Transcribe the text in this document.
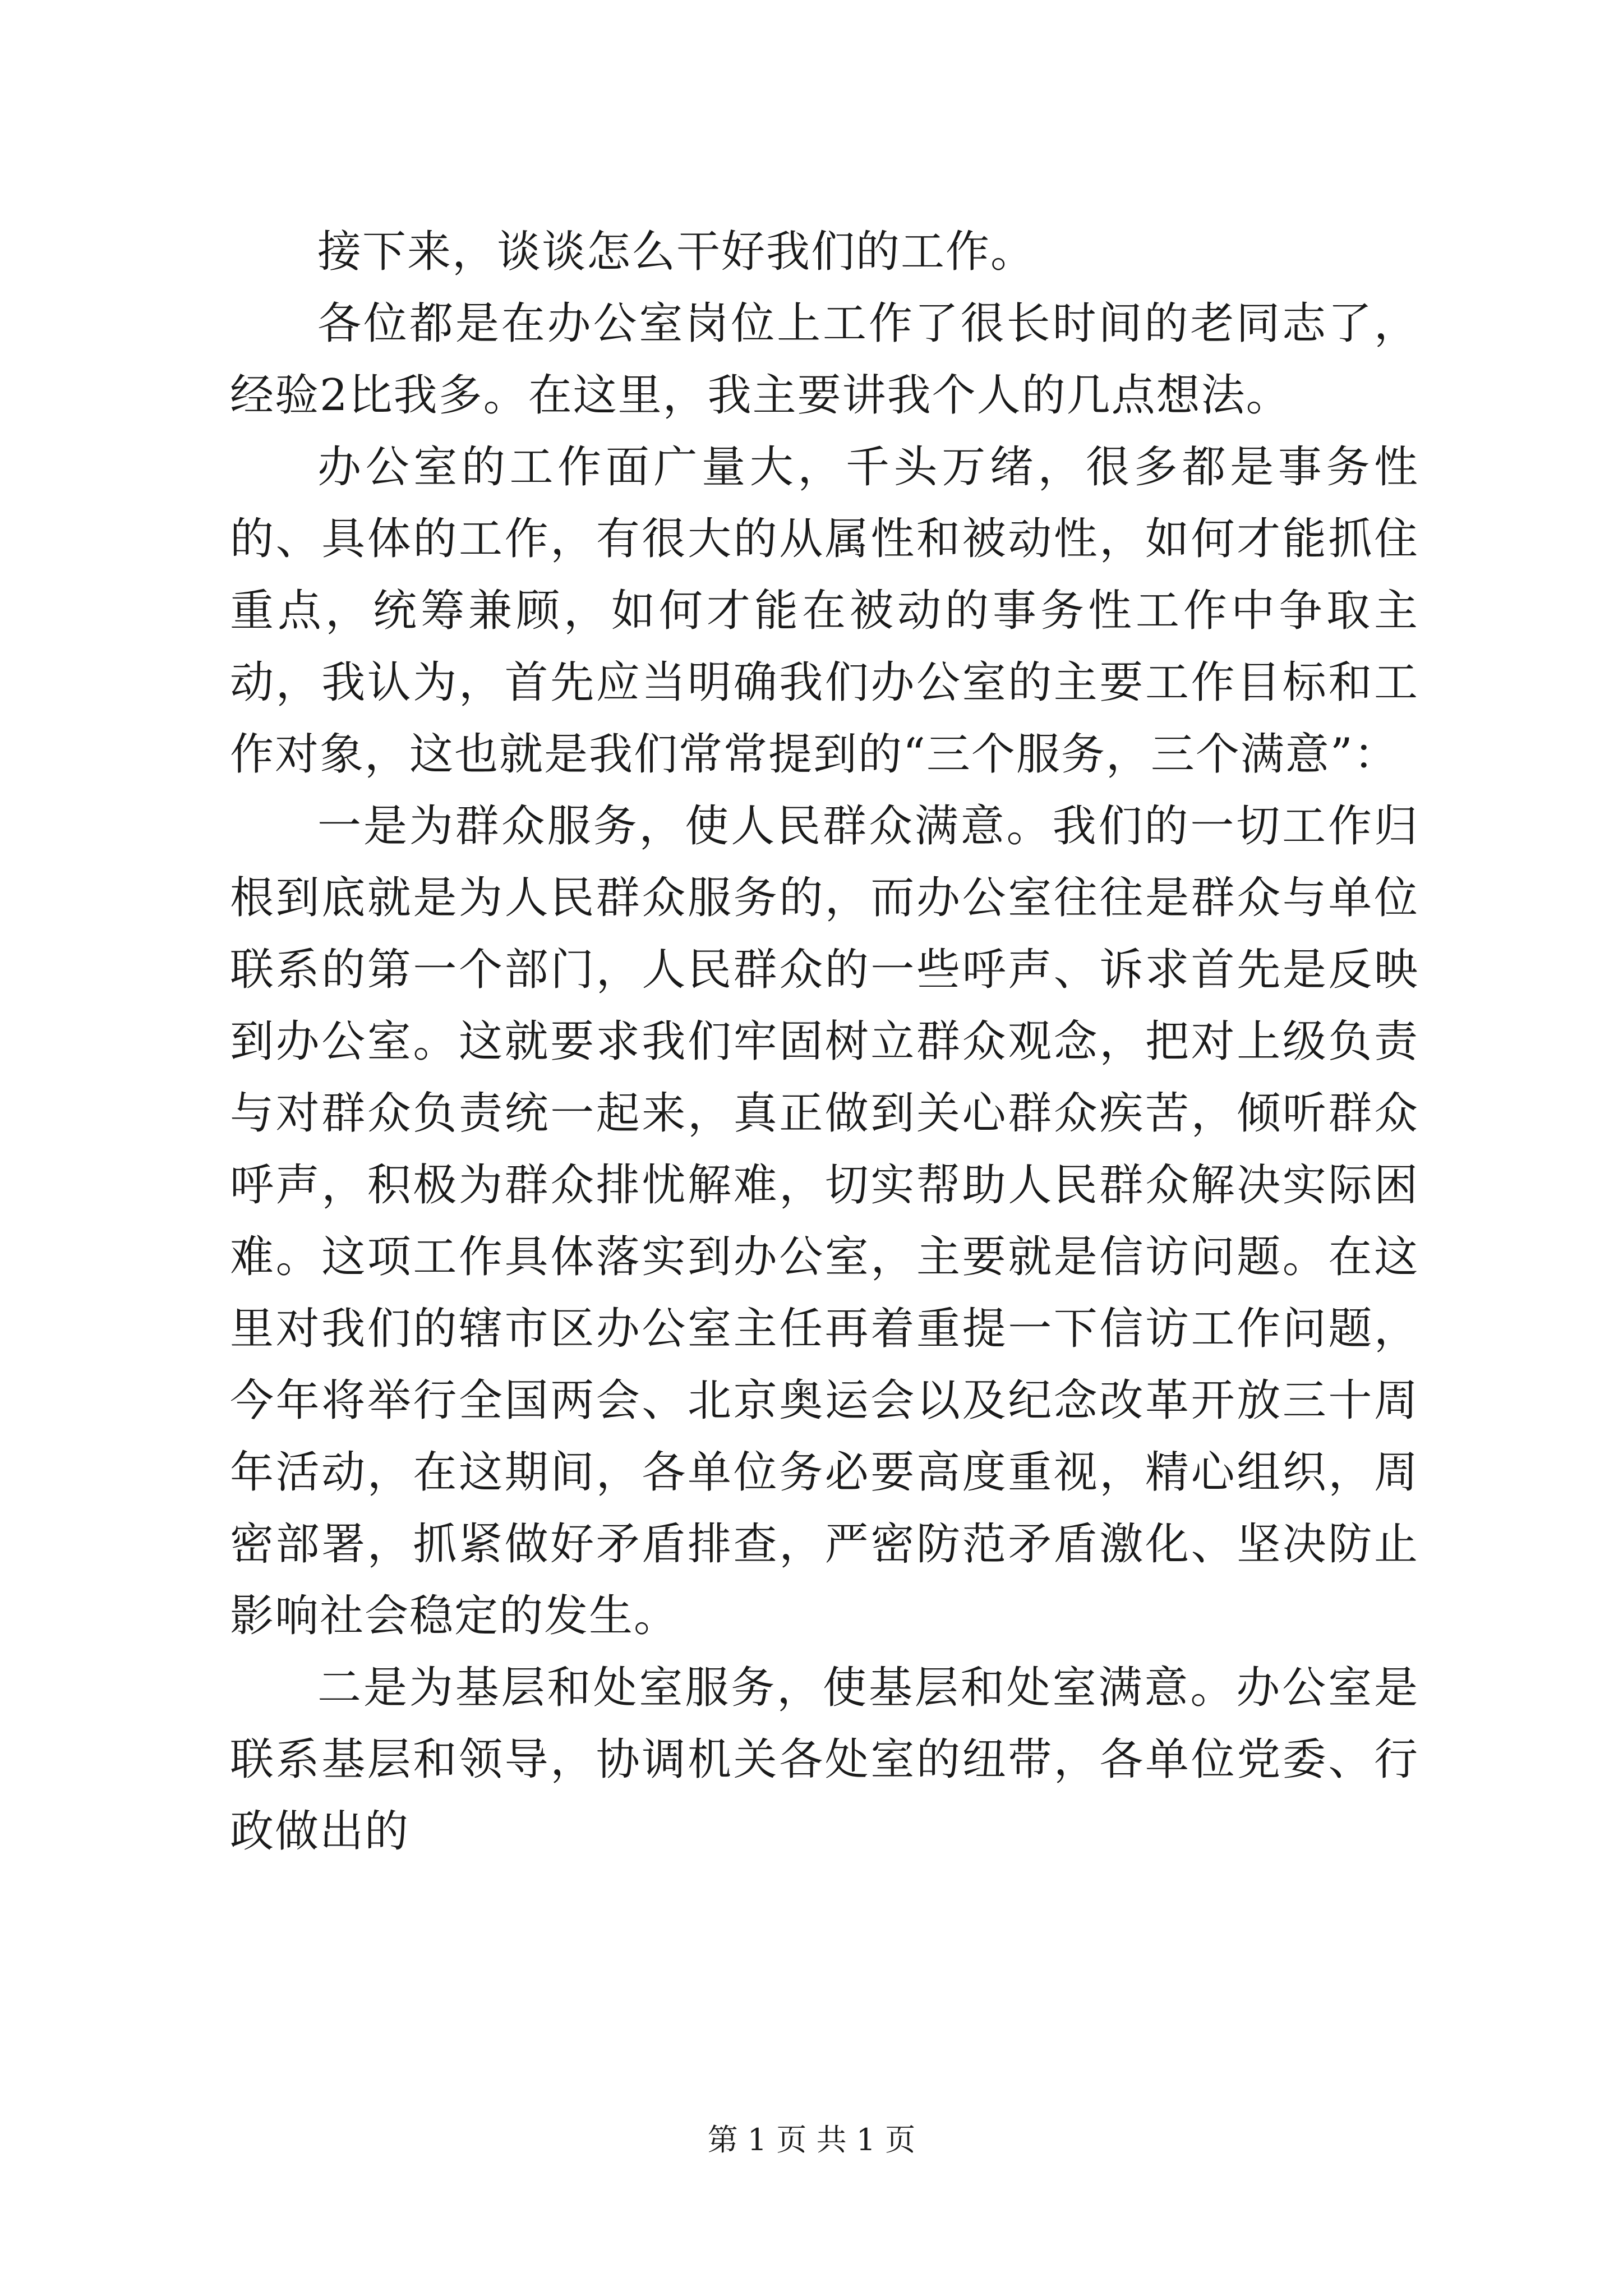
接下来，谈谈怎么干好我们的工作。

各位都是在办公室岗位上工作了很长时间的老同志了，经验2比我多。在这里，我主要讲我个人的几点想法。

办公室的工作面广量大，千头万绪，很多都是事务性的、具体的工作，有很大的从属性和被动性，如何才能抓住重点，统筹兼顾，如何才能在被动的事务性工作中争取主动，我认为，首先应当明确我们办公室的主要工作目标和工作对象，这也就是我们常常提到的“三个服务，三个满意”：

一是为群众服务，使人民群众满意。我们的一切工作归根到底就是为人民群众服务的，而办公室往往是群众与单位联系的第一个部门，人民群众的一些呼声、诉求首先是反映到办公室。这就要求我们牢固树立群众观念，把对上级负责与对群众负责统一起来，真正做到关心群众疾苦，倾听群众呼声，积极为群众排忧解难，切实帮助人民群众解决实际困难。这项工作具体落实到办公室，主要就是信访问题。在这里对我们的辖市区办公室主任再着重提一下信访工作问题，今年将举行全国两会、北京奥运会以及纪念改革开放三十周年活动，在这期间，各单位务必要高度重视，精心组织，周密部署，抓紧做好矛盾排查，严密防范矛盾激化、坚决防止影响社会稳定的发生。

二是为基层和处室服务，使基层和处室满意。办公室是联系基层和领导，协调机关各处室的纽带，各单位党委、行政做出的

第 1 页 共 1 页
